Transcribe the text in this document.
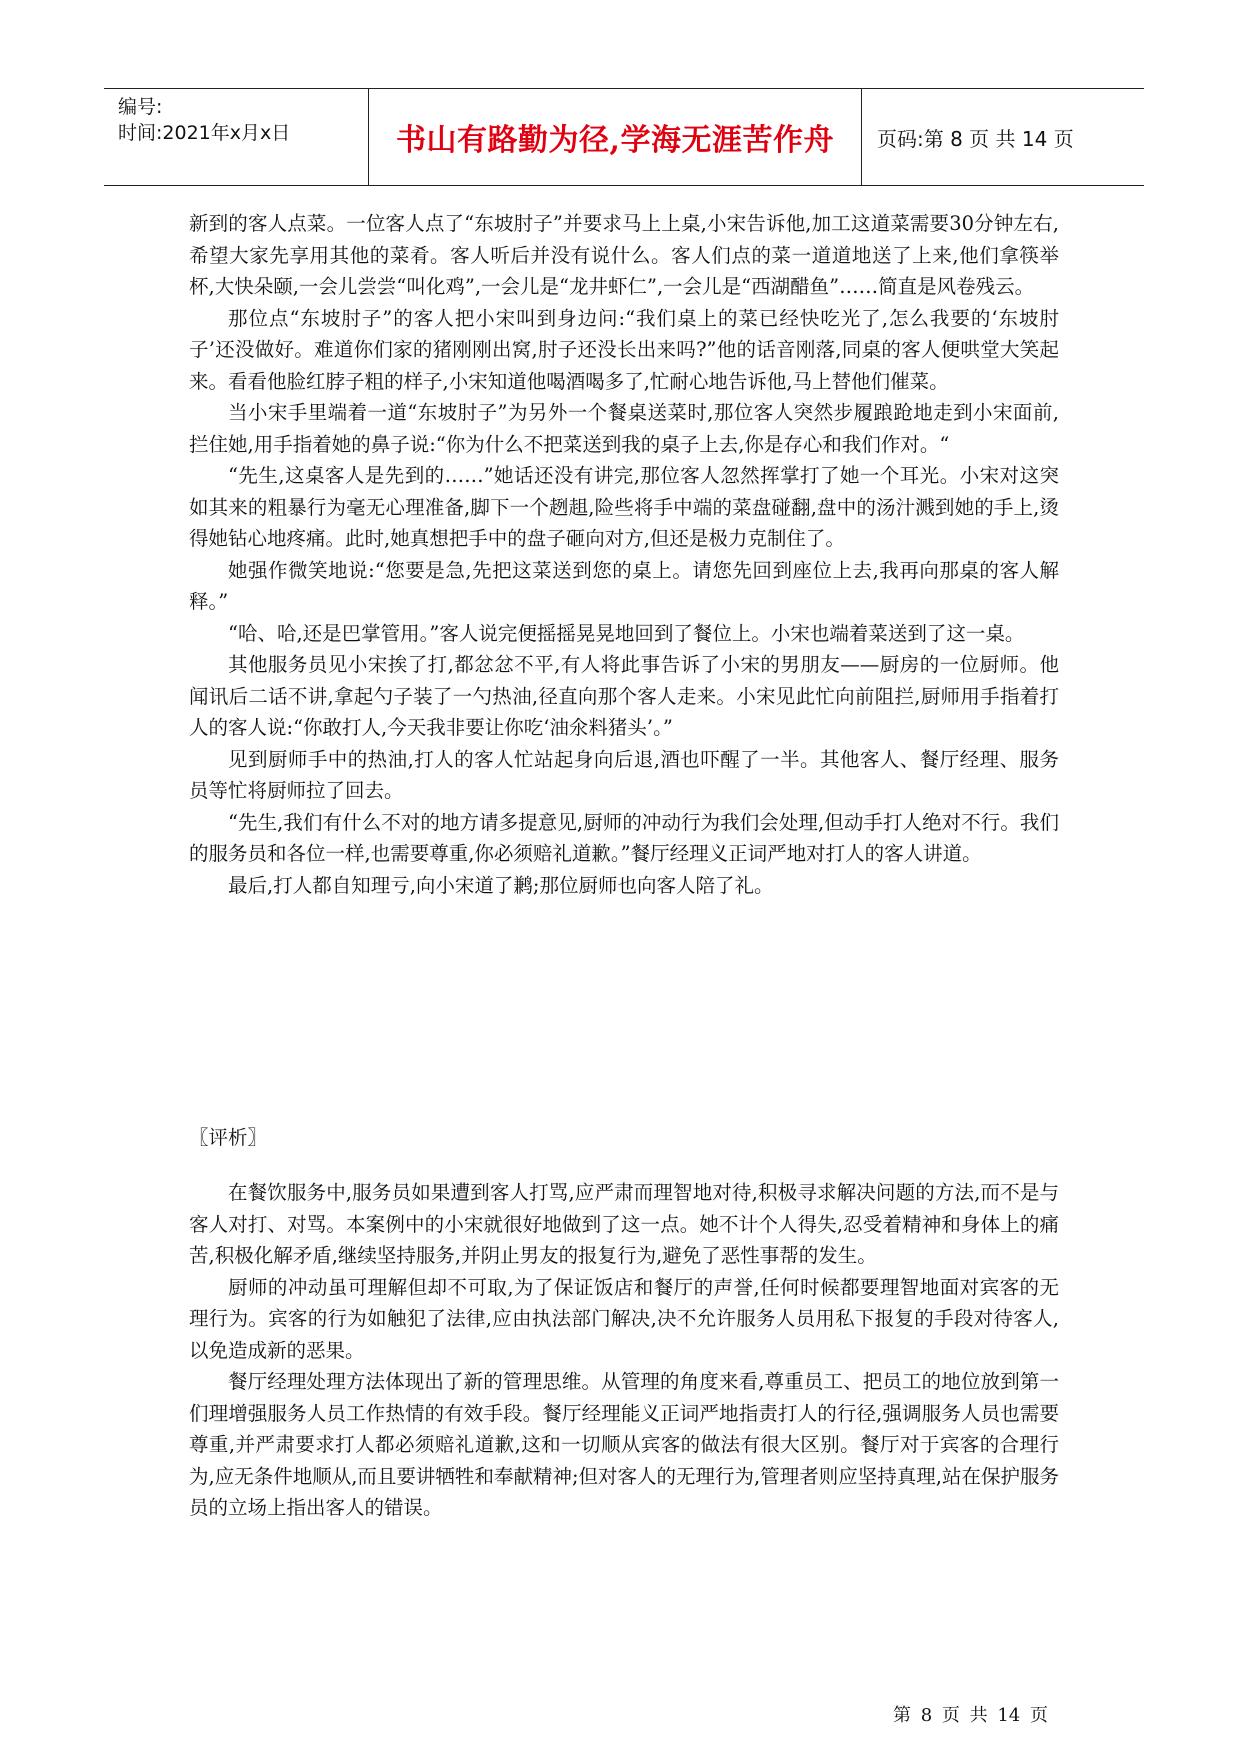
编号:
时间:2021年x月x日	书山有路勤为径,学海无涯苦作舟 页码:第 8 页 共 14 页

新到的客人点菜。一位客人点了“东坡肘子”并要求马上上桌,小宋告诉他,加工这道菜需要30分钟左右,希望大家先享用其他的菜肴。客人听后并没有说什么。客人们点的菜一道道地送了上来,他们拿筷举杯,大快朵颐,一会儿尝尝“叫化鸡”,一会儿是“龙井虾仁”,一会儿是“西湖醋鱼”……简直是风卷残云。

那位点“东坡肘子”的客人把小宋叫到身边问:“我们桌上的菜已经快吃光了,怎么我要的‘东坡肘子’还没做好。难道你们家的猪刚刚出窝,肘子还没长出来吗?”他的话音刚落,同桌的客人便哄堂大笑起来。看看他脸红脖子粗的样子,小宋知道他喝酒喝多了,忙耐心地告诉他,马上替他们催菜。

当小宋手里端着一道“东坡肘子”为另外一个餐桌送菜时,那位客人突然步履踉跄地走到小宋面前,拦住她,用手指着她的鼻子说:“你为什么不把菜送到我的桌子上去,你是存心和我们作对。“

“先生,这桌客人是先到的……”她话还没有讲完,那位客人忽然挥掌打了她一个耳光。小宋对这突如其来的粗暴行为毫无心理准备,脚下一个趔趄,险些将手中端的菜盘碰翻,盘中的汤汁溅到她的手上,烫得她钻心地疼痛。此时,她真想把手中的盘子砸向对方,但还是极力克制住了。

她强作微笑地说:“您要是急,先把这菜送到您的桌上。请您先回到座位上去,我再向那桌的客人解释。”

“哈、哈,还是巴掌管用。”客人说完便摇摇晃晃地回到了餐位上。小宋也端着菜送到了这一桌。

其他服务员见小宋挨了打,都忿忿不平,有人将此事告诉了小宋的男朋友——厨房的一位厨师。他闻讯后二话不讲,拿起勺子装了一勺热油,径直向那个客人走来。小宋见此忙向前阻拦,厨师用手指着打人的客人说:“你敢打人,今天我非要让你吃‘油氽料猪头’。”

见到厨师手中的热油,打人的客人忙站起身向后退,酒也吓醒了一半。其他客人、餐厅经理、服务员等忙将厨师拉了回去。

“先生,我们有什么不对的地方请多提意见,厨师的冲动行为我们会处理,但动手打人绝对不行。我们的服务员和各位一样,也需要尊重,你必须赔礼道歉。”餐厅经理义正词严地对打人的客人讲道。

最后,打人都自知理亏,向小宋道了鹣;那位厨师也向客人陪了礼。

〖评析〗

在餐饮服务中,服务员如果遭到客人打骂,应严肃而理智地对待,积极寻求解决问题的方法,而不是与客人对打、对骂。本案例中的小宋就很好地做到了这一点。她不计个人得失,忍受着精神和身体上的痛苦,积极化解矛盾,继续坚持服务,并阴止男友的报复行为,避免了恶性事帮的发生。

厨师的冲动虽可理解但却不可取,为了保证饭店和餐厅的声誉,任何时候都要理智地面对宾客的无理行为。宾客的行为如触犯了法律,应由执法部门解决,决不允许服务人员用私下报复的手段对待客人,以免造成新的恶果。

餐厅经理处理方法体现出了新的管理思维。从管理的角度来看,尊重员工、把员工的地位放到第一们理增强服务人员工作热情的有效手段。餐厅经理能义正词严地指责打人的行径,强调服务人员也需要尊重,并严肃要求打人都必须赔礼道歉,这和一切顺从宾客的做法有很大区别。餐厅对于宾客的合理行为,应无条件地顺从,而且要讲牺牲和奉献精神;但对客人的无理行为,管理者则应坚持真理,站在保护服务员的立场上指出客人的错误。

第 8 页 共 14 页
